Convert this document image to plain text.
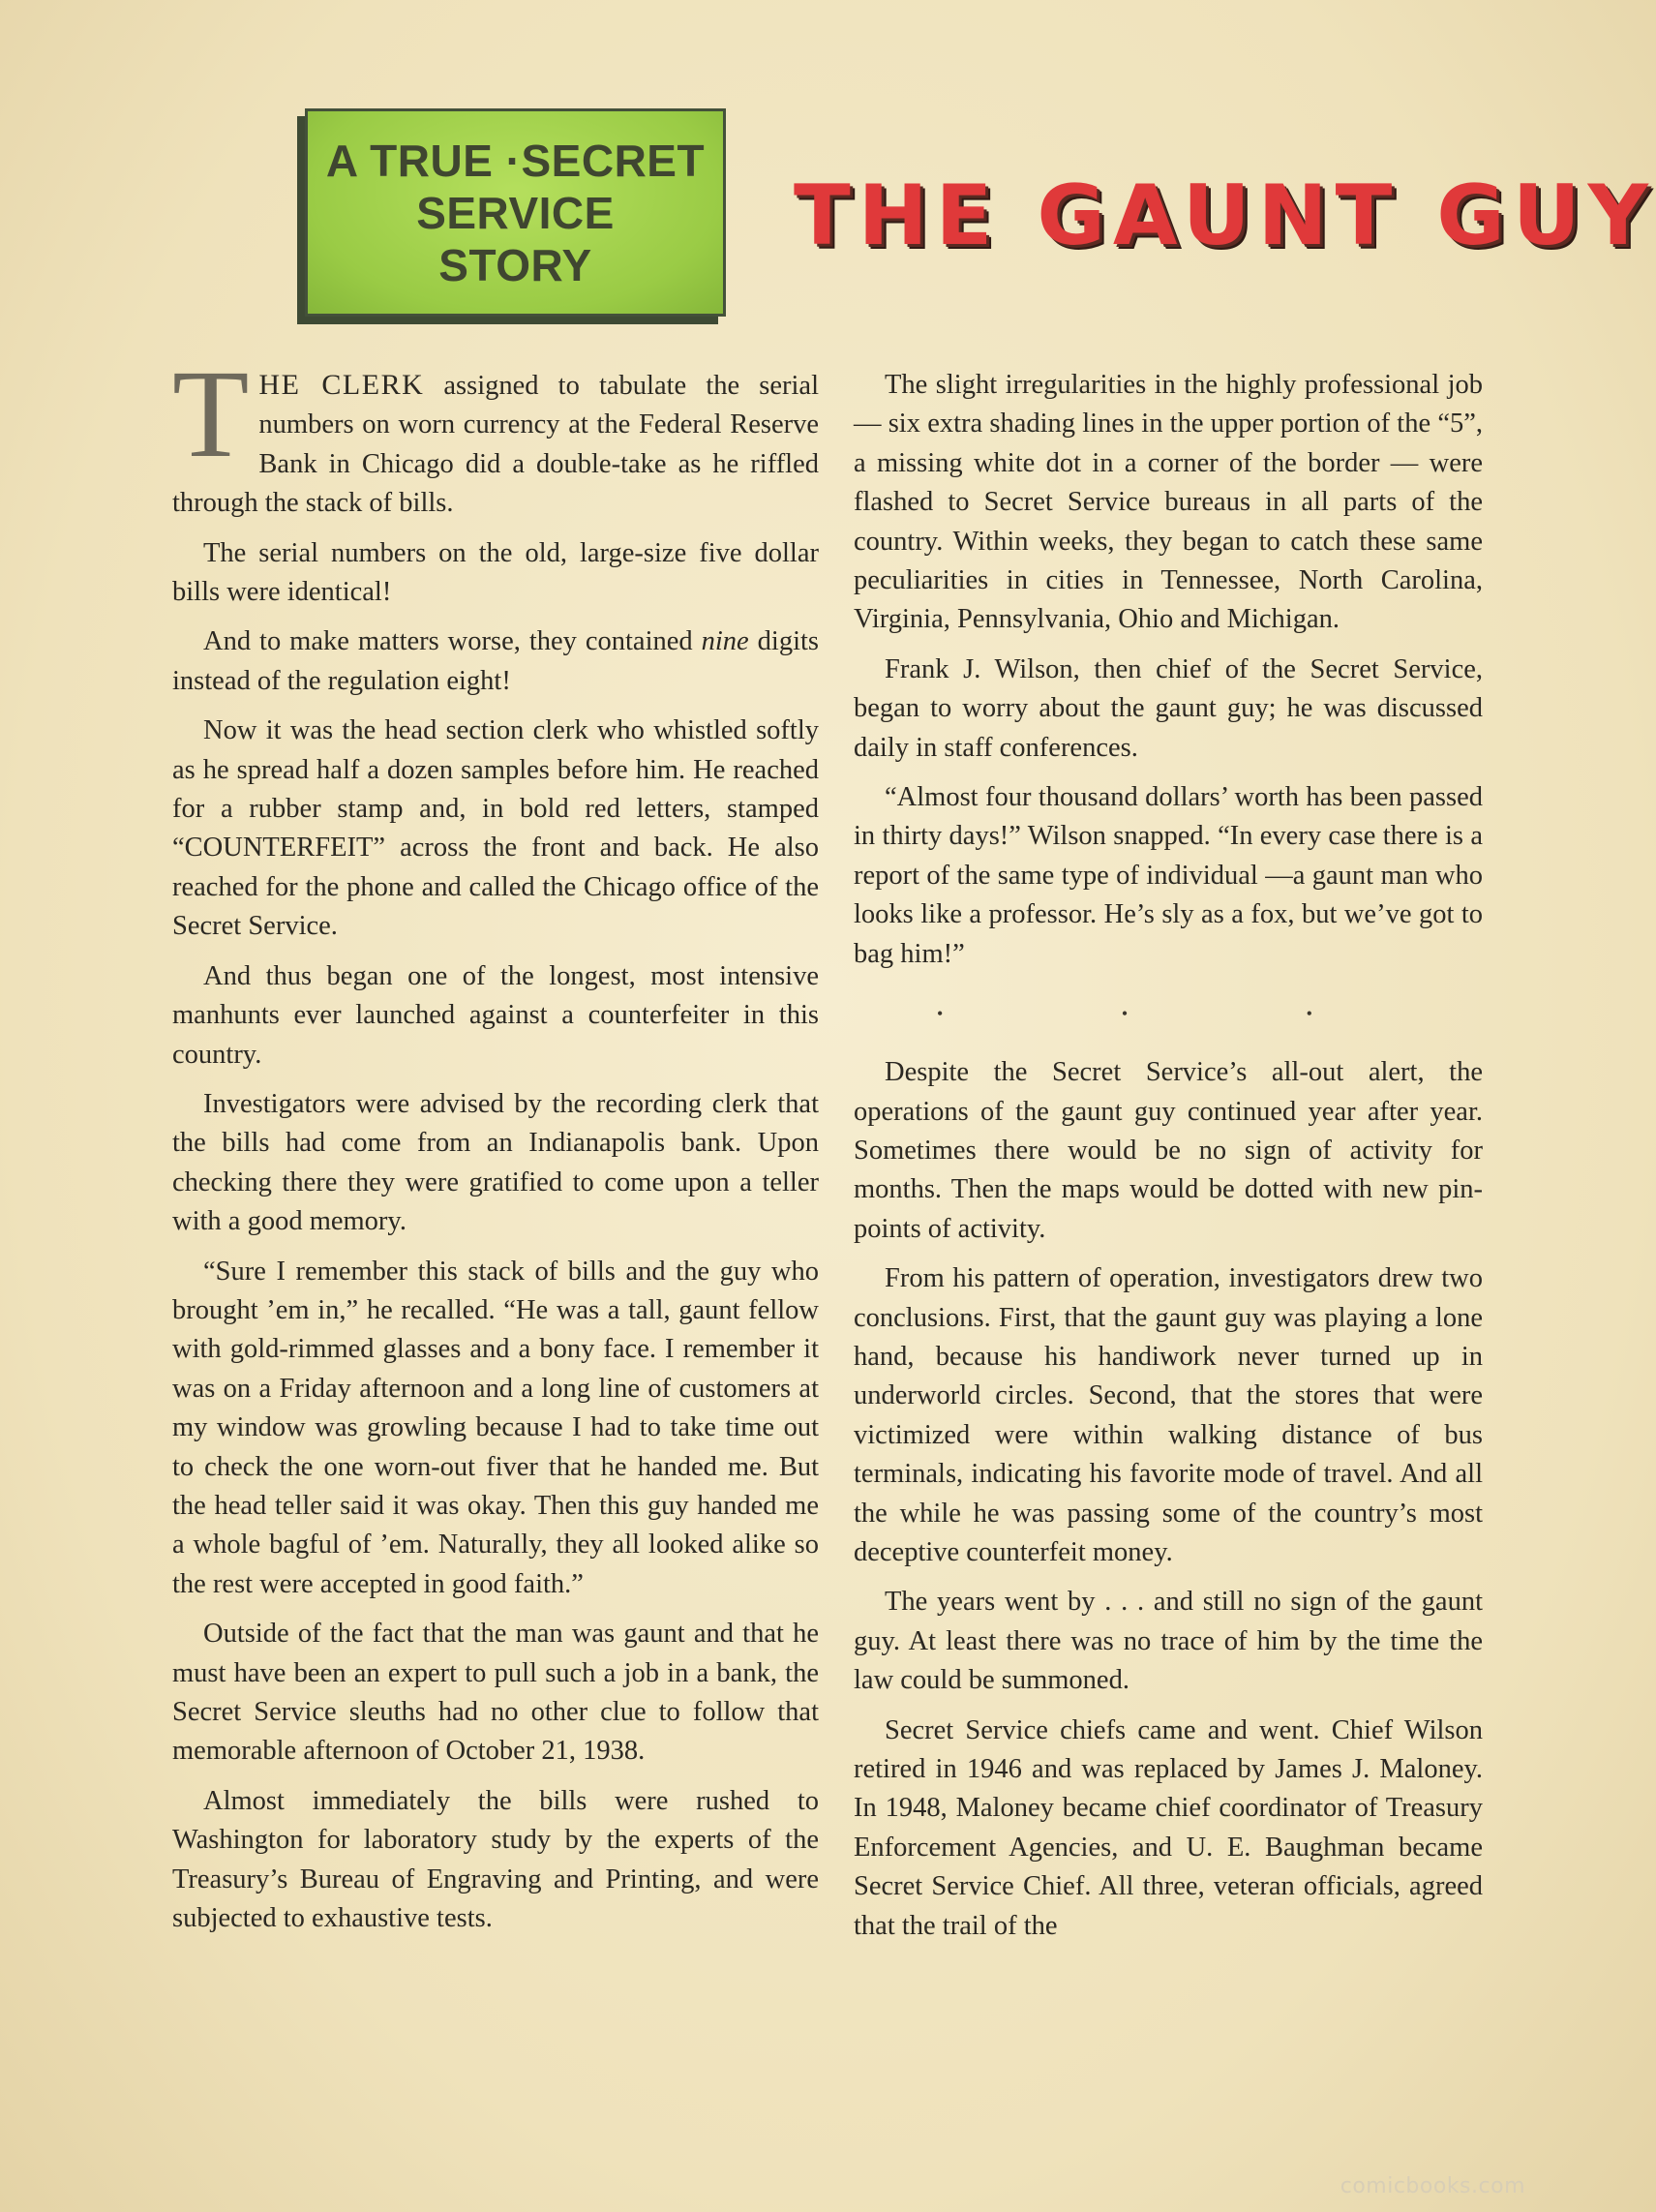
A TRUE ·SECRET
SERVICE
STORY
THE GAUNT GUY

THE CLERK assigned to tabulate the serial numbers on worn currency at the Federal Reserve Bank in Chicago did a double-take as he riffled through the stack of bills.

The serial numbers on the old, large-size five dollar bills were identical!

And to make matters worse, they contained nine digits instead of the regulation eight!

Now it was the head section clerk who whistled softly as he spread half a dozen samples before him. He reached for a rubber stamp and, in bold red letters, stamped “COUNTERFEIT” across the front and back. He also reached for the phone and called the Chicago office of the Secret Service.

And thus began one of the longest, most intensive manhunts ever launched against a counterfeiter in this country.

Investigators were advised by the recording clerk that the bills had come from an Indianapolis bank. Upon checking there they were gratified to come upon a teller with a good memory.

“Sure I remember this stack of bills and the guy who brought ’em in,” he recalled. “He was a tall, gaunt fellow with gold-rimmed glasses and a bony face. I remember it was on a Friday afternoon and a long line of customers at my window was growling because I had to take time out to check the one worn-out fiver that he handed me. But the head teller said it was okay. Then this guy handed me a whole bagful of ’em. Naturally, they all looked alike so the rest were accepted in good faith.”

Outside of the fact that the man was gaunt and that he must have been an expert to pull such a job in a bank, the Secret Service sleuths had no other clue to follow that memorable afternoon of October 21, 1938.

Almost immediately the bills were rushed to Washington for laboratory study by the experts of the Treasury’s Bureau of Engraving and Printing, and were subjected to exhaustive tests.

The slight irregularities in the highly professional job — six extra shading lines in the upper portion of the “5”, a missing white dot in a corner of the border — were flashed to Secret Service bureaus in all parts of the country. Within weeks, they began to catch these same peculiarities in cities in Tennessee, North Carolina, Virginia, Pennsylvania, Ohio and Michigan.

Frank J. Wilson, then chief of the Secret Service, began to worry about the gaunt guy; he was discussed daily in staff conferences.

“Almost four thousand dollars’ worth has been passed in thirty days!” Wilson snapped. “In every case there is a report of the same type of individual —a gaunt man who looks like a professor. He’s sly as a fox, but we’ve got to bag him!”

• • •

Despite the Secret Service’s all-out alert, the operations of the gaunt guy continued year after year. Sometimes there would be no sign of activity for months. Then the maps would be dotted with new pin-points of activity.

From his pattern of operation, investigators drew two conclusions. First, that the gaunt guy was playing a lone hand, because his handiwork never turned up in underworld circles. Second, that the stores that were victimized were within walking distance of bus terminals, indicating his favorite mode of travel. And all the while he was passing some of the country’s most deceptive counterfeit money.

The years went by . . . and still no sign of the gaunt guy. At least there was no trace of him by the time the law could be summoned.

Secret Service chiefs came and went. Chief Wilson retired in 1946 and was replaced by James J. Maloney. In 1948, Maloney became chief coordinator of Treasury Enforcement Agencies, and U. E. Baughman became Secret Service Chief. All three, veteran officials, agreed that the trail of the

comicbooks.com
